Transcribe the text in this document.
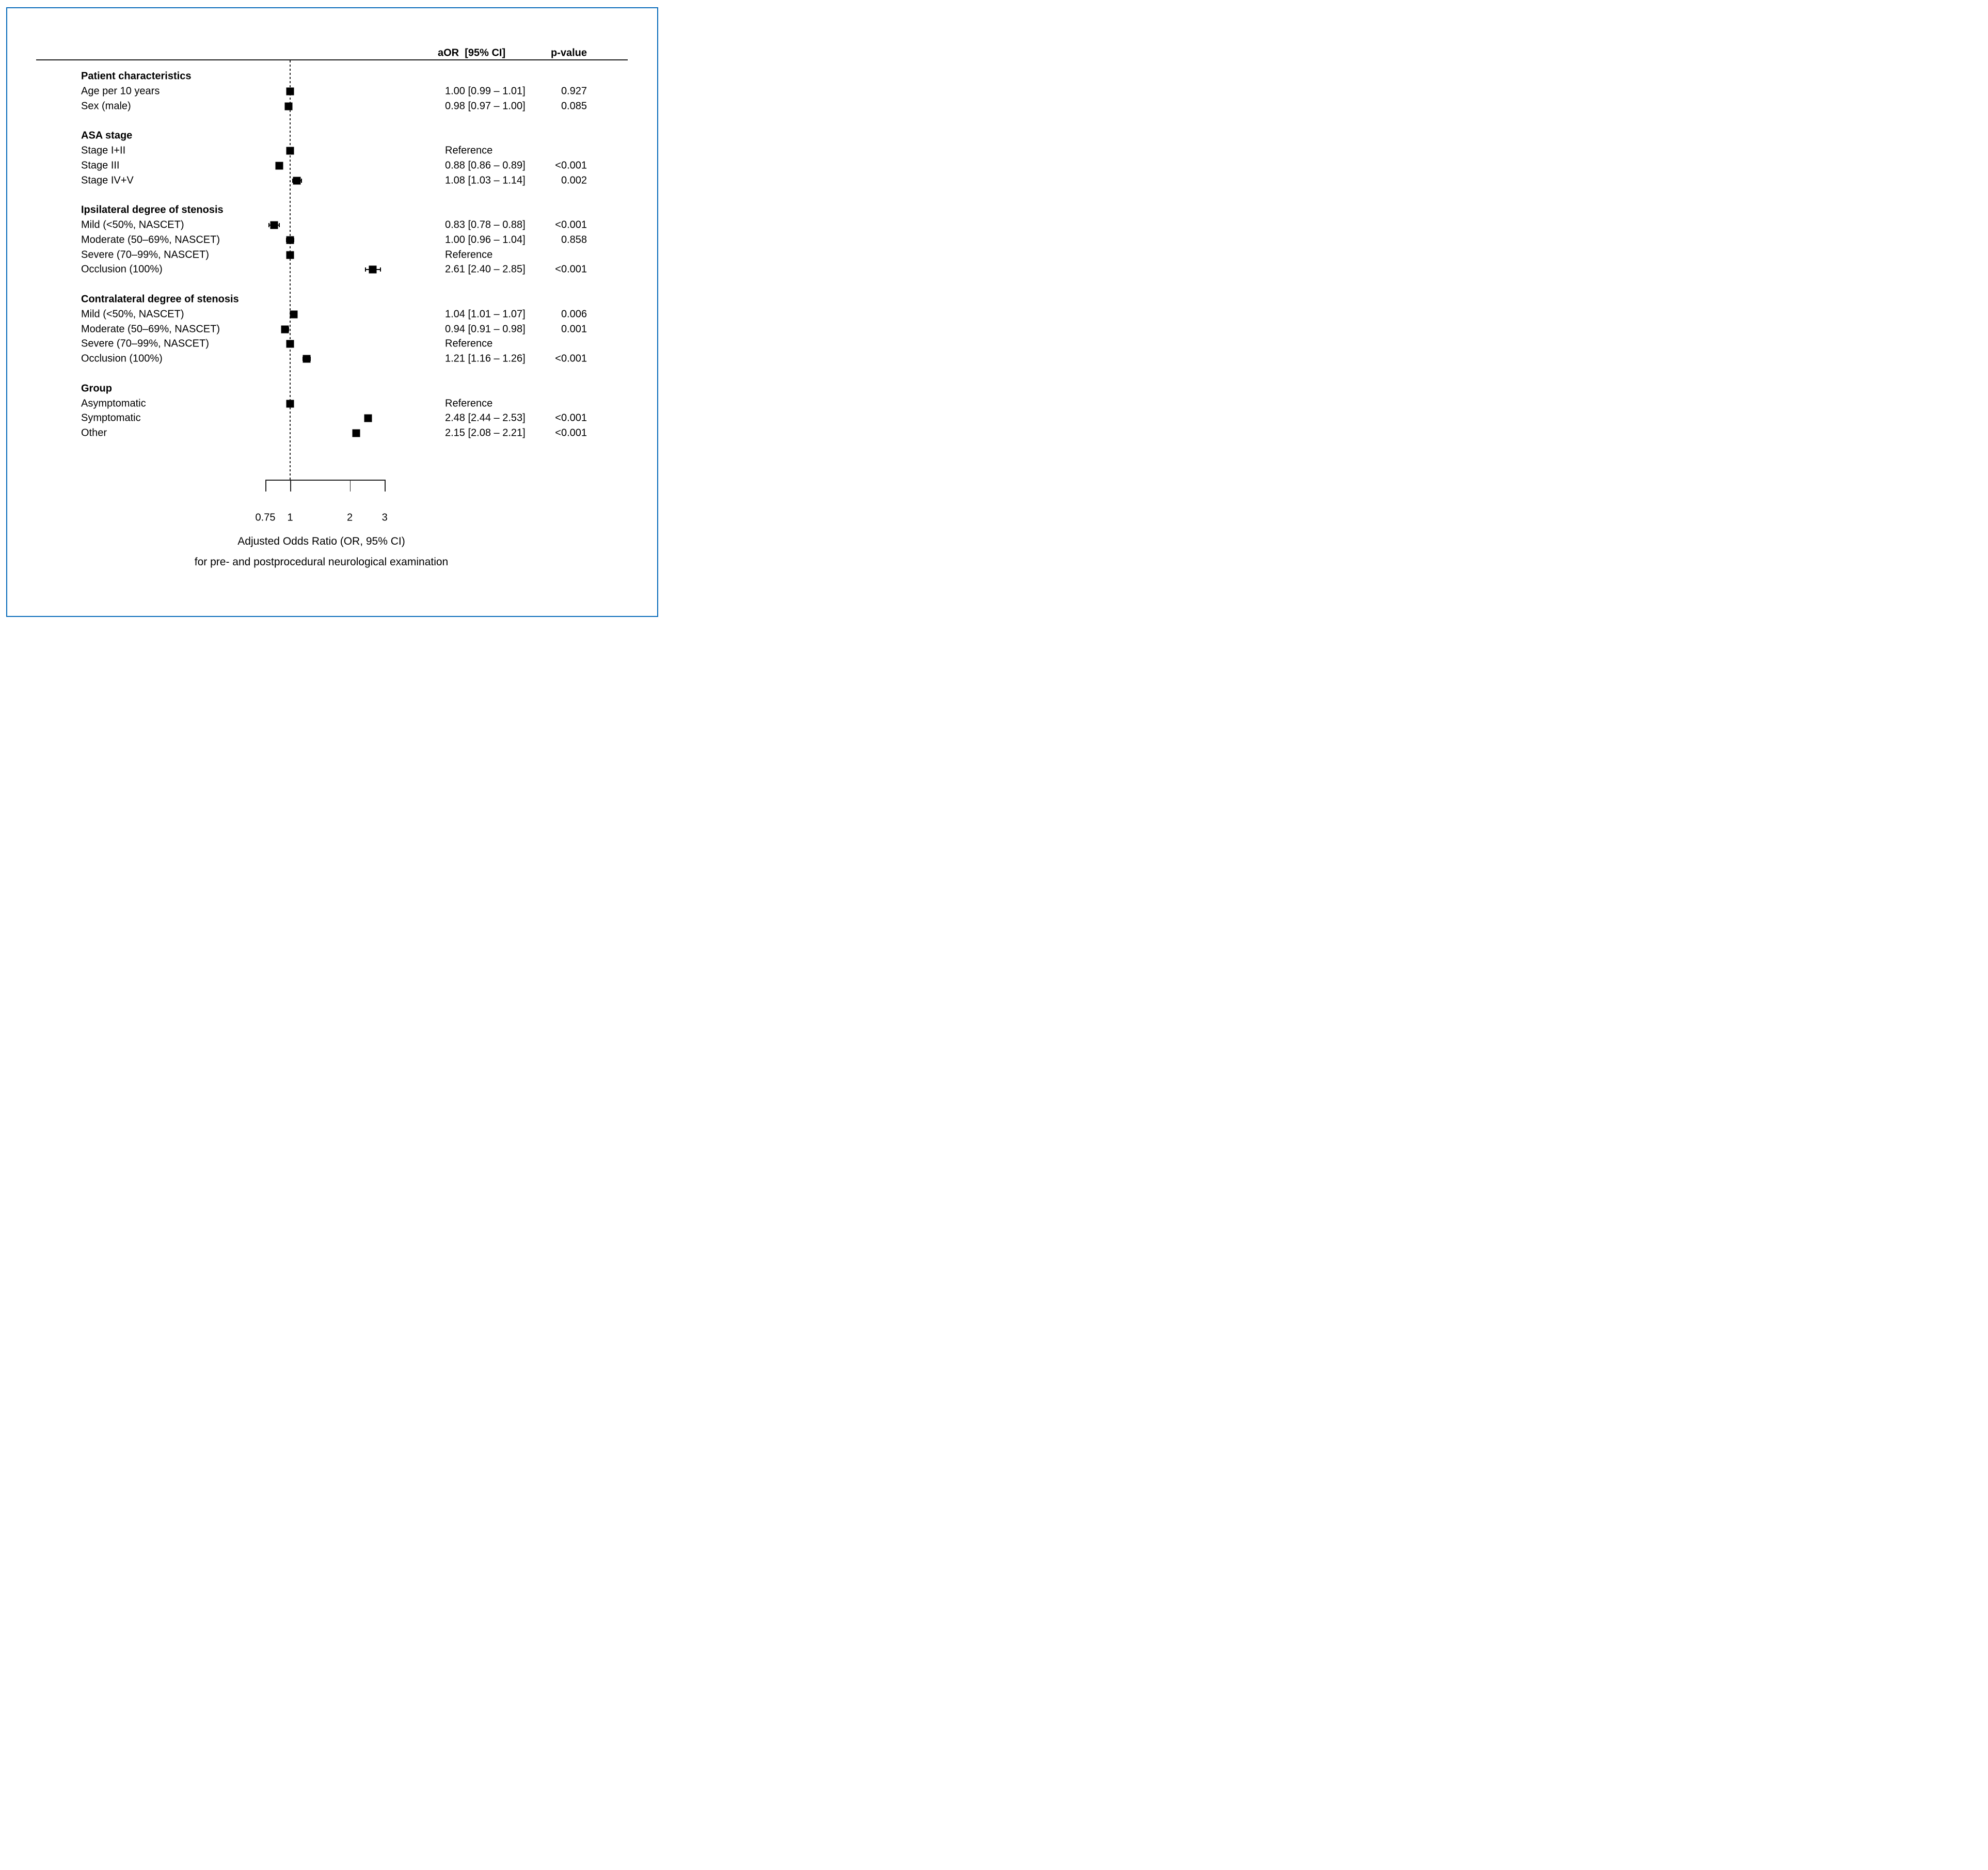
aOR  [95% CI]	p-value
Patient characteristics
Age per 10 years	1.00 [0.99 – 1.01]	0.927
Sex (male)	0.98 [0.97 – 1.00]	0.085
ASA stage
Stage I+II	Reference
Stage III	0.88 [0.86 – 0.89]	<0.001
Stage IV+V	1.08 [1.03 – 1.14]	0.002
Ipsilateral degree of stenosis
Mild (<50%, NASCET)	0.83 [0.78 – 0.88]	<0.001
Moderate (50–69%, NASCET)	1.00 [0.96 – 1.04]	0.858
Severe (70–99%, NASCET)	Reference
Occlusion (100%)	2.61 [2.40 – 2.85]	<0.001
Contralateral degree of stenosis
Mild (<50%, NASCET)	1.04 [1.01 – 1.07]	0.006
Moderate (50–69%, NASCET)	0.94 [0.91 – 0.98]	0.001
Severe (70–99%, NASCET)	Reference
Occlusion (100%)	1.21 [1.16 – 1.26]	<0.001
Group
Asymptomatic	Reference
Symptomatic	2.48 [2.44 – 2.53]	<0.001
Other	2.15 [2.08 – 2.21]	<0.001
0.75 1	2	3
Adjusted Odds Ratio (OR, 95% CI)
for pre- and postprocedural neurological examination
